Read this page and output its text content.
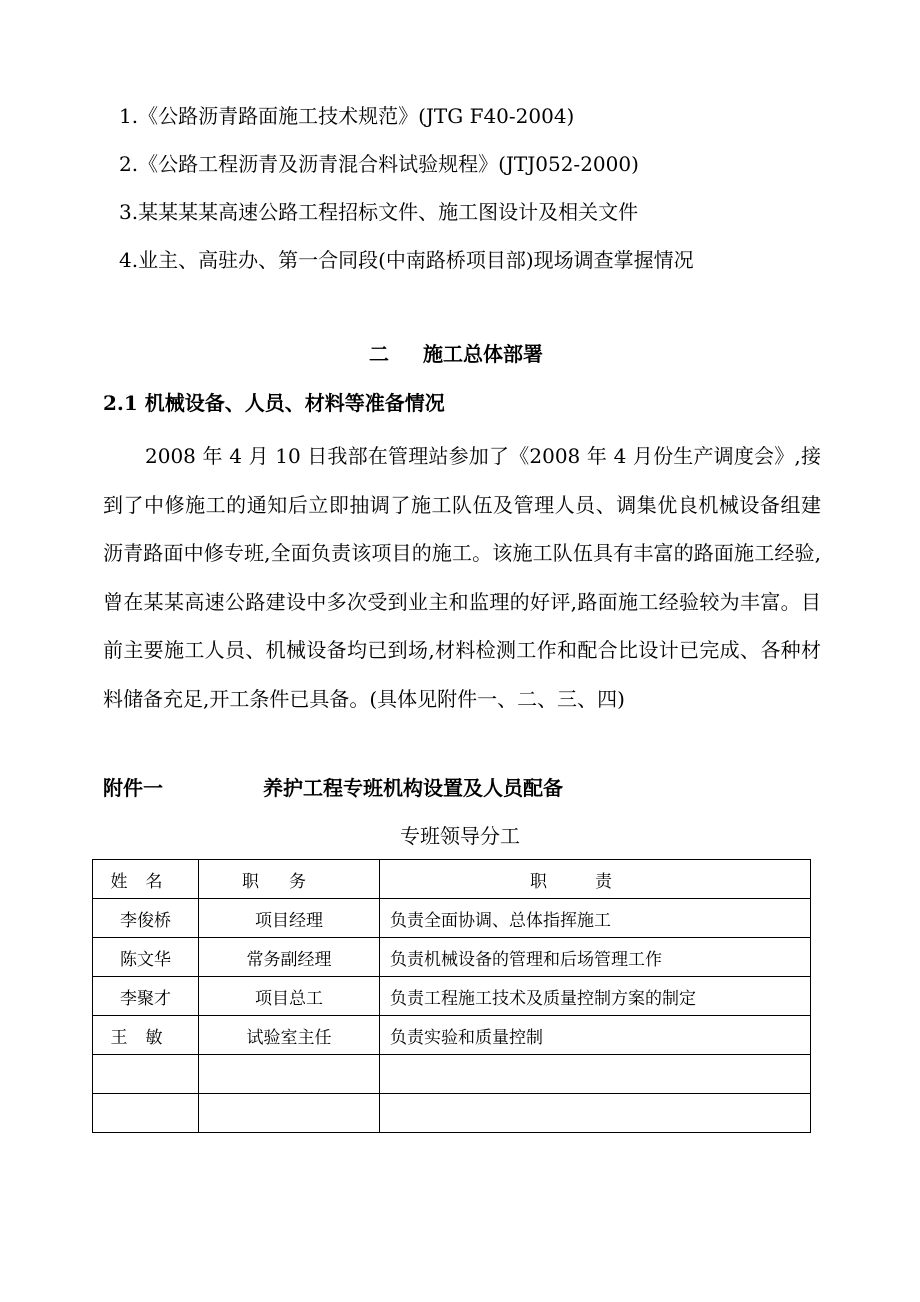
1.《公路沥青路面施工技术规范》(JTG F40-2004)
2.《公路工程沥青及沥青混合料试验规程》(JTJ052-2000)
3.某某某某高速公路工程招标文件、施工图设计及相关文件
4.业主、高驻办、第一合同段(中南路桥项目部)现场调查掌握情况
二 施工总体部署
2.1 机械设备、人员、材料等准备情况

2008 年 4 月 10 日我部在管理站参加了《2008 年 4 月份生产调度会》,接到了中修施工的通知后立即抽调了施工队伍及管理人员、调集优良机械设备组建沥青路面中修专班,全面负责该项目的施工。该施工队伍具有丰富的路面施工经验,曾在某某高速公路建设中多次受到业主和监理的好评,路面施工经验较为丰富。目前主要施工人员、机械设备均已到场,材料检测工作和配合比设计已完成、各种材料储备充足,开工条件已具备。(具体见附件一、二、三、四)

附件一	养护工程专班机构设置及人员配备
专班领导分工
姓名	职务	职责
李俊桥	项目经理	负责全面协调、总体指挥施工
陈文华	常务副经理	负责机械设备的管理和后场管理工作
李聚才	项目总工	负责工程施工技术及质量控制方案的制定
王敏	试验室主任	负责实验和质量控制
